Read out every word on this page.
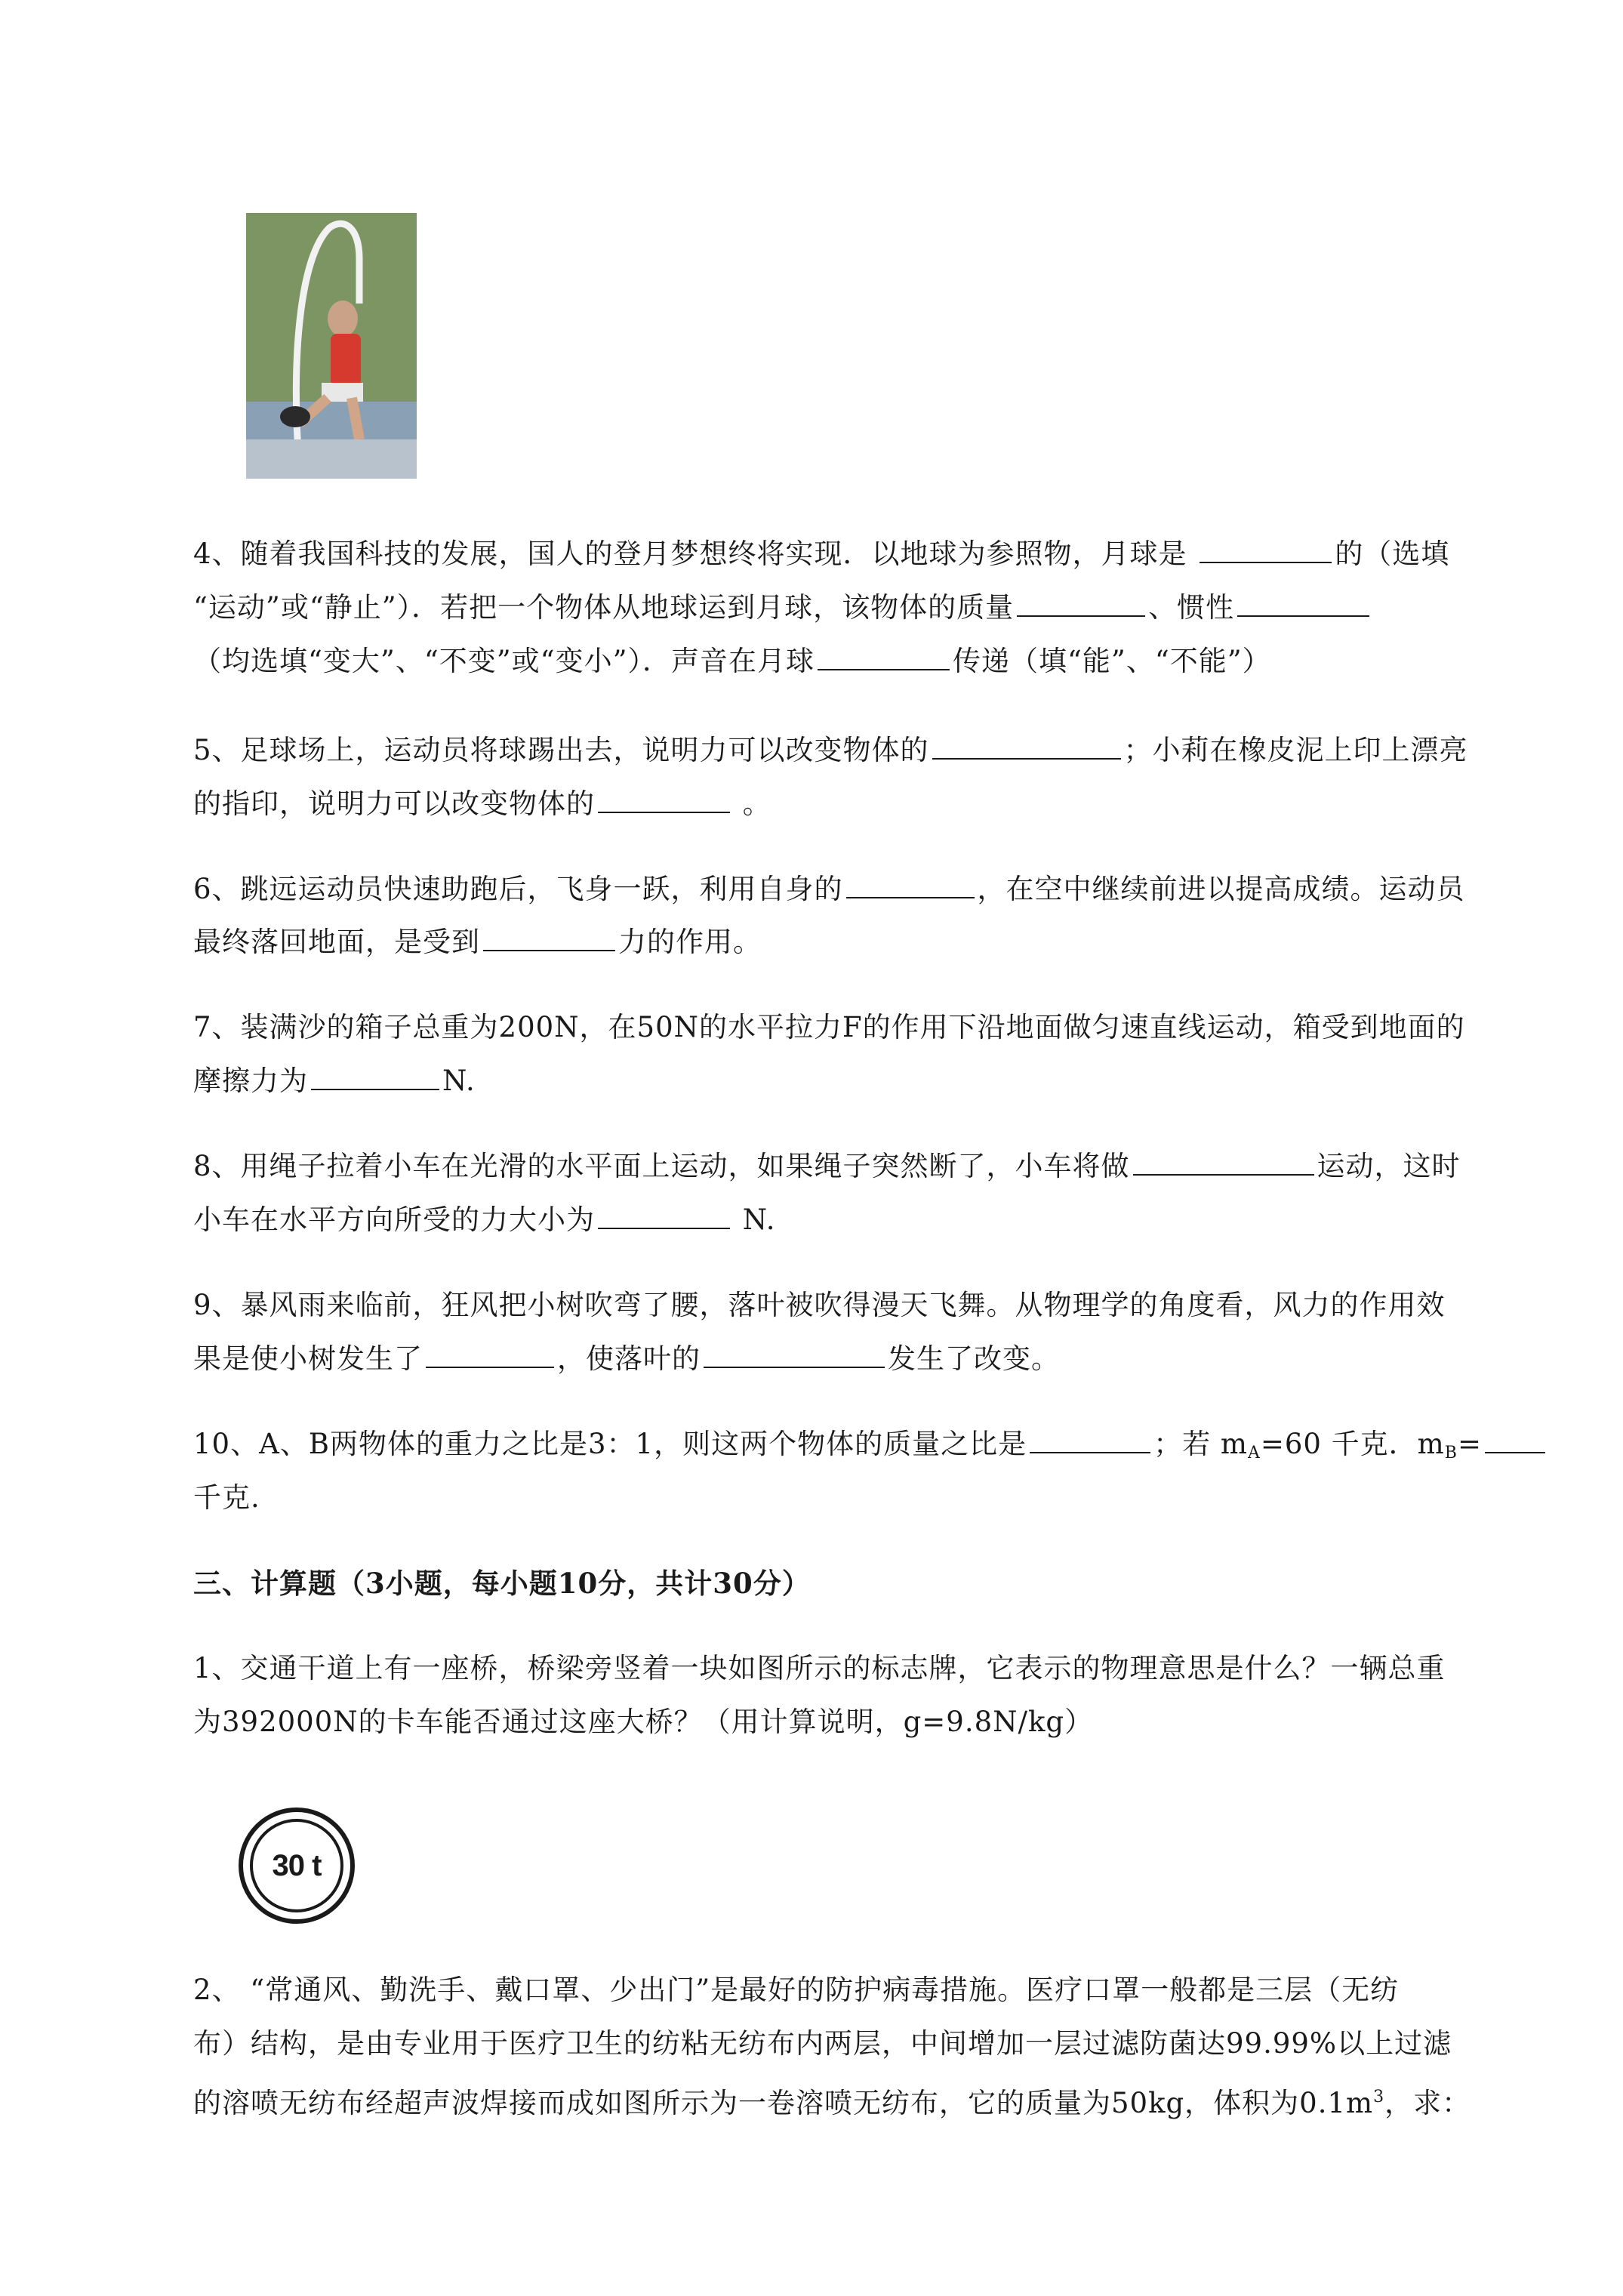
4、随着我国科技的发展，国人的登月梦想终将实现．以地球为参照物，月球是	的（选填
“运动”或“静止”）．若把一个物体从地球运到月球，该物体的质量	、惯性
（均选填“变大”、“不变”或“变小”）．声音在月球	传递（填“能”、“不能”）
5、足球场上，运动员将球踢出去，说明力可以改变物体的	；小莉在橡皮泥上印上漂亮
的指印，说明力可以改变物体的	。
6、跳远运动员快速助跑后，飞身一跃，利用自身的	，在空中继续前进以提高成绩。运动员
最终落回地面，是受到	力的作用。
7、装满沙的箱子总重为200N，在50N的水平拉力F的作用下沿地面做匀速直线运动，箱受到地面的
摩擦力为	N.
8、用绳子拉着小车在光滑的水平面上运动，如果绳子突然断了，小车将做	运动，这时
小车在水平方向所受的力大小为	N.
9、暴风雨来临前，狂风把小树吹弯了腰，落叶被吹得漫天飞舞。从物理学的角度看，风力的作用效
果是使小树发生了	，使落叶的	发生了改变。
10、A、B两物体的重力之比是3：1，则这两个物体的质量之比是	；若 $m_A=60$ 千克．$m_B=$
千克.
三、计算题（3小题，每小题10分，共计30分）
1、交通干道上有一座桥，桥梁旁竖着一块如图所示的标志牌，它表示的物理意思是什么？一辆总重
为392000N的卡车能否通过这座大桥？（用计算说明，g=9.8N/kg）
30 t
2、 “常通风、勤洗手、戴口罩、少出门”是最好的防护病毒措施。医疗口罩一般都是三层（无纺
布）结构，是由专业用于医疗卫生的纺粘无纺布内两层，中间增加一层过滤防菌达99.99%以上过滤
的溶喷无纺布经超声波焊接而成如图所示为一卷溶喷无纺布，它的质量为50kg，体积为$0.1m^3$，求：
